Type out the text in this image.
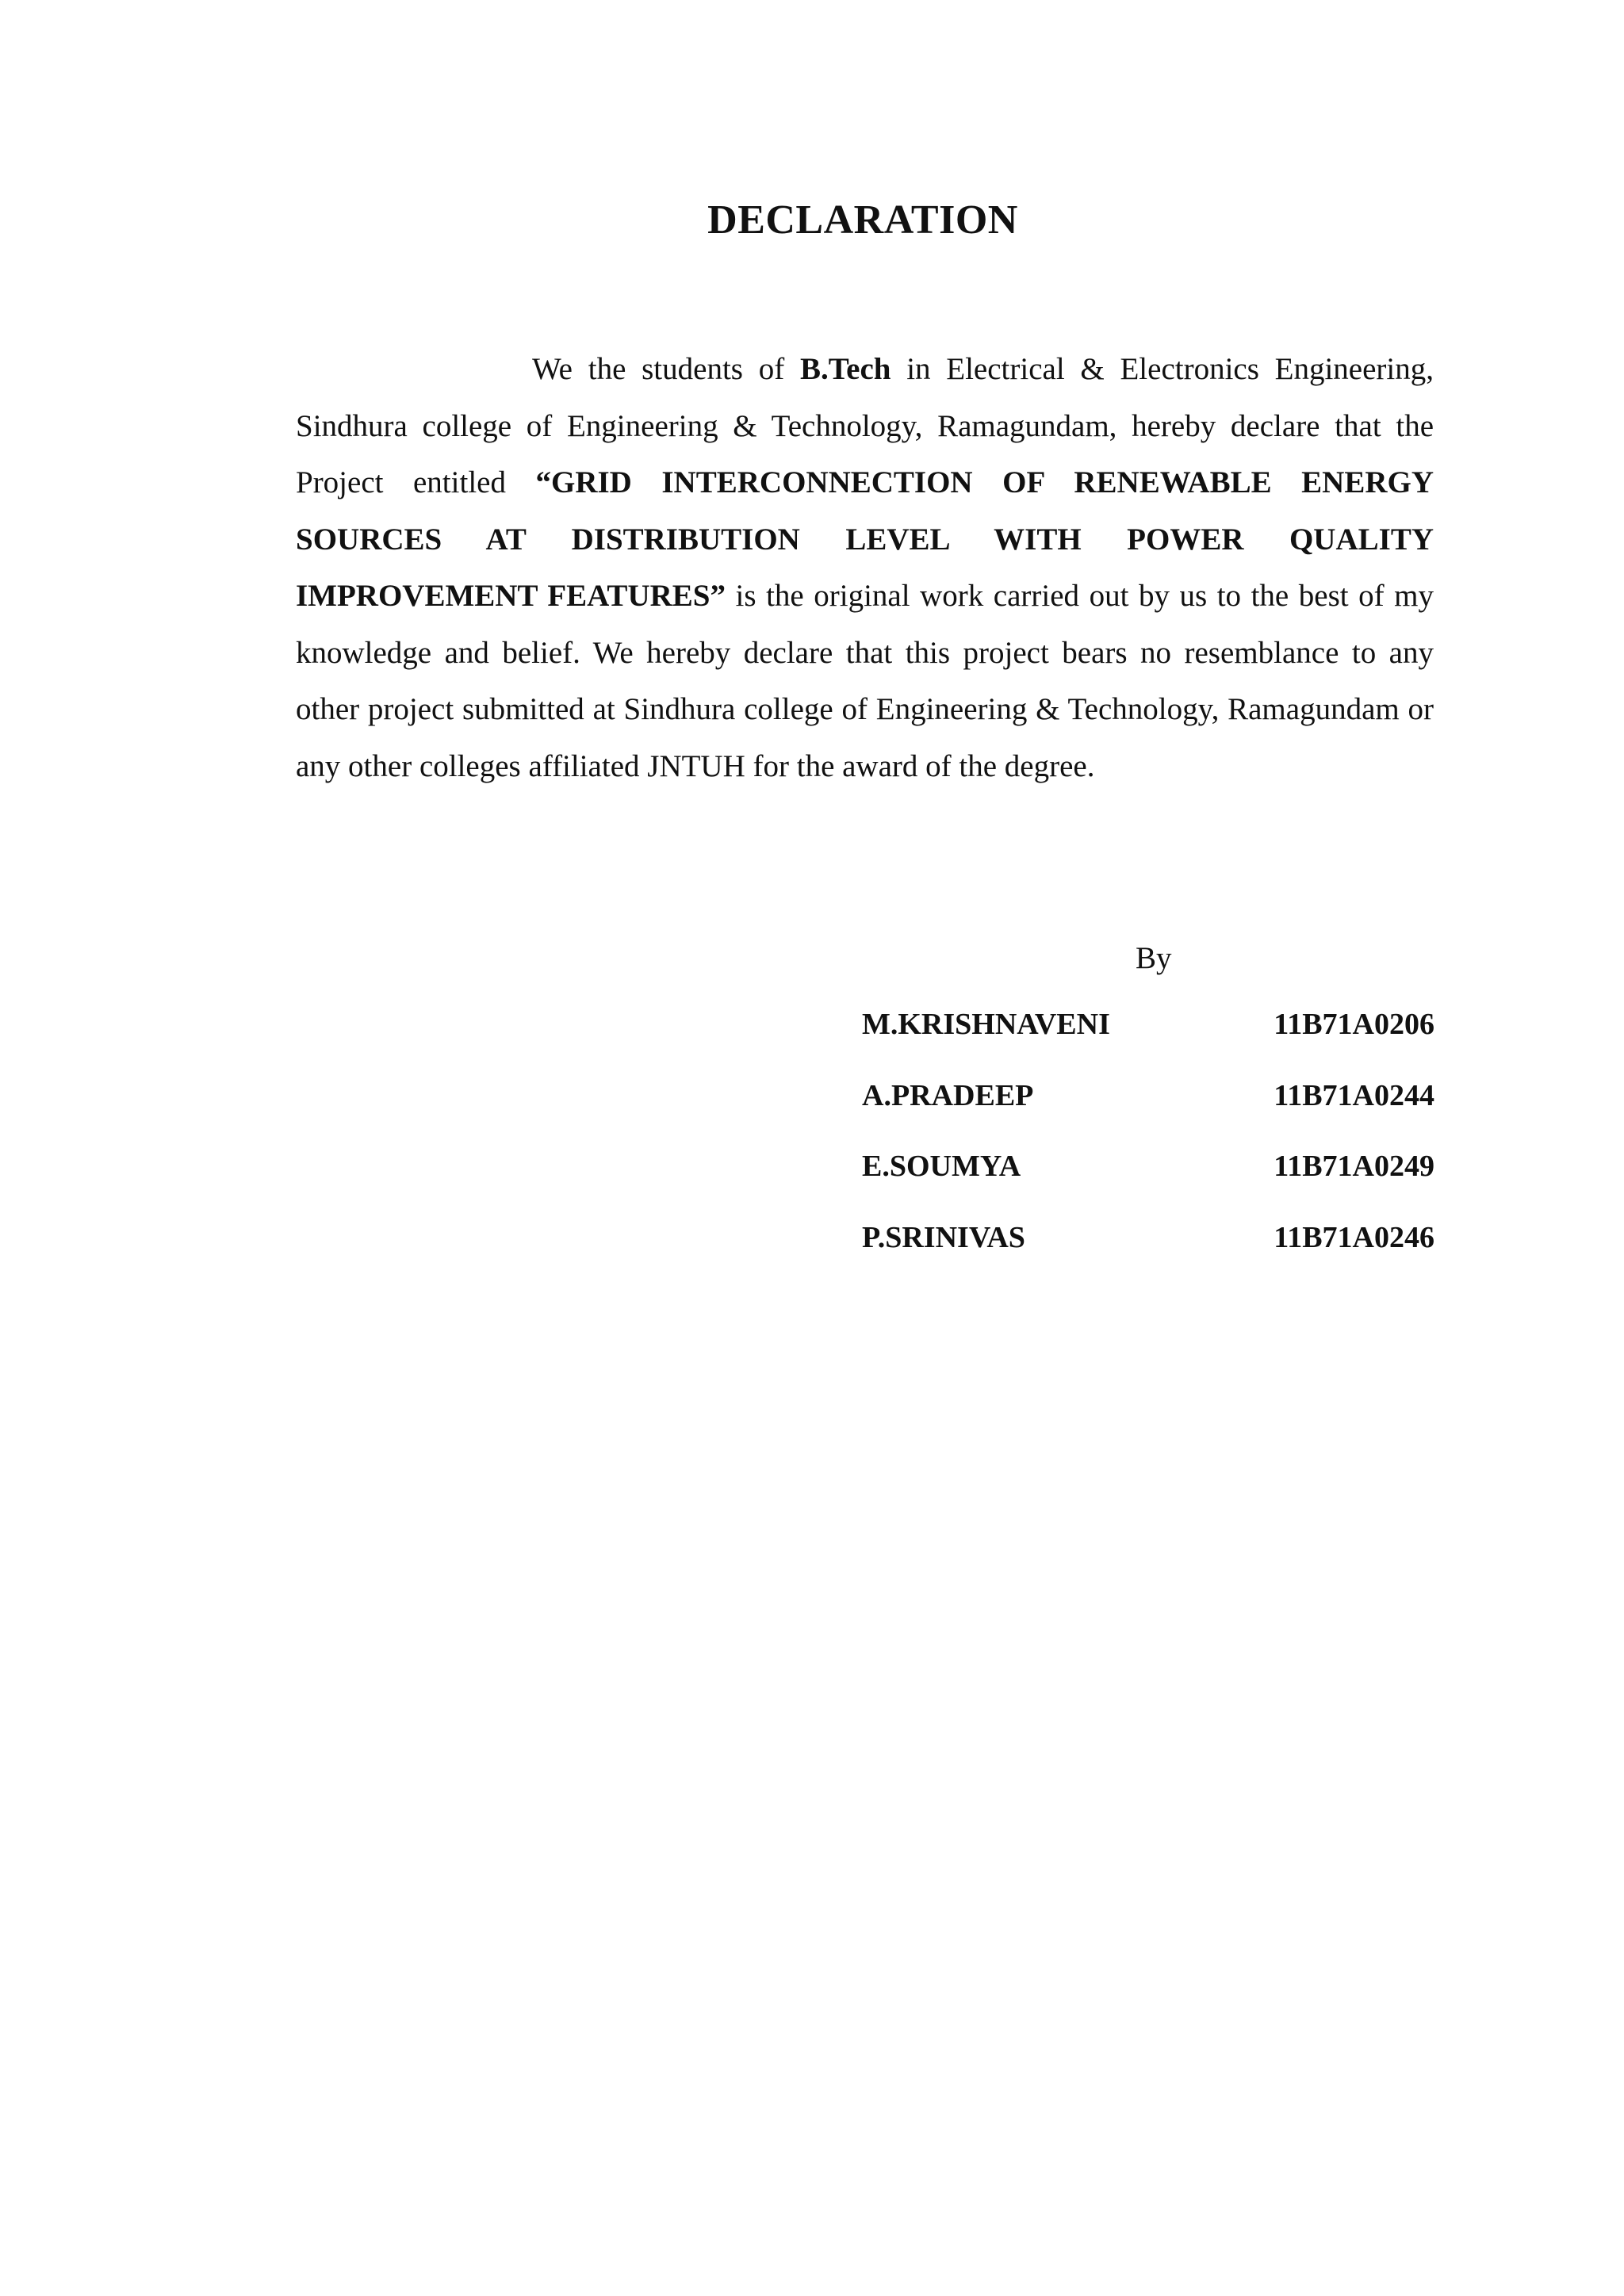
DECLARATION

We the students of B.Tech in Electrical & Electronics Engineering, Sindhura college of Engineering & Technology, Ramagundam, hereby declare that the Project entitled “GRID INTERCONNECTION OF RENEWABLE ENERGY SOURCES AT DISTRIBUTION LEVEL WITH POWER QUALITY IMPROVEMENT FEATURES” is the original work carried out by us to the best of my knowledge and belief. We hereby declare that this project bears no resemblance to any other project submitted at Sindhura college of Engineering & Technology, Ramagundam or any other colleges affiliated JNTUH for the award of the degree.

By

M.KRISHNAVENI	11B71A0206
A.PRADEEP	11B71A0244
E.SOUMYA	11B71A0249
P.SRINIVAS	11B71A0246
